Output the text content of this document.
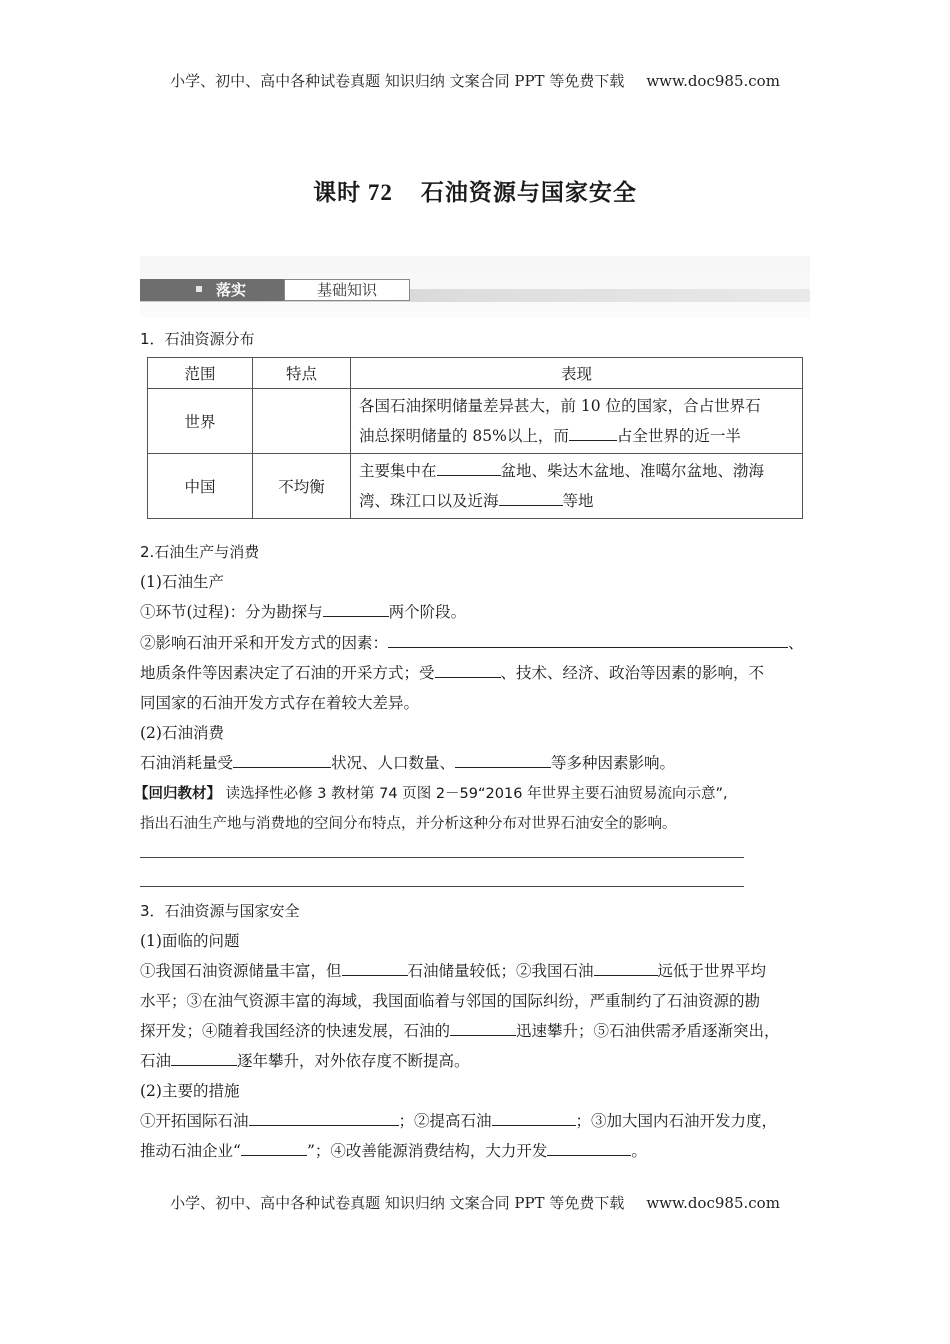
小学、初中、高中各种试卷真题 知识归纳 文案合同 PPT 等免费下载 www.doc985.com
课时 72 石油资源与国家安全
落实	基础知识
1．石油资源分布
范围	特点	表现
世界		各国石油探明储量差异甚大，前 10 位的国家，合占世界石
油总探明储量的 85%以上，而 占全世界的近一半

中国	不均衡	主要集中在 盆地、柴达木盆地、准噶尔盆地、渤海
湾、珠江口以及近海 等地
2.石油生产与消费
(1)石油生产
①环节(过程)：分为勘探与	两个阶段。
②影响石油开采和开发方式的因素：	、
地质条件等因素决定了石油的开采方式；受	、技术、经济、政治等因素的影响，不
同国家的石油开发方式存在着较大差异。
(2)石油消费
石油消耗量受	状况、人口数量、	等多种因素影响。
【回归教材】 读选择性必修 3 教材第 74 页图 2－59“2016 年世界主要石油贸易流向示意”,
指出石油生产地与消费地的空间分布特点，并分析这种分布对世界石油安全的影响。
3．石油资源与国家安全
(1)面临的问题
①我国石油资源储量丰富，但	石油储量较低；②我国石油	远低于世界平均
水平；③在油气资源丰富的海域，我国面临着与邻国的国际纠纷，严重制约了石油资源的勘
探开发；④随着我国经济的快速发展，石油的	迅速攀升；⑤石油供需矛盾逐渐突出，
石油	逐年攀升，对外依存度不断提高。
(2)主要的措施
①开拓国际石油	；②提高石油	；③加大国内石油开发力度，
推动石油企业“	”；④改善能源消费结构，大力开发	。
小学、初中、高中各种试卷真题 知识归纳 文案合同 PPT 等免费下载 www.doc985.com
